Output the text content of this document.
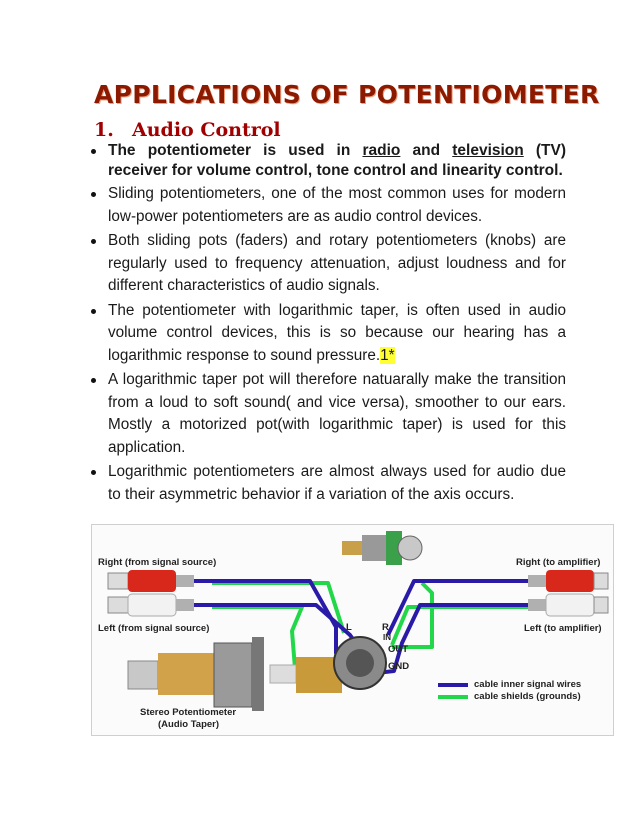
APPLICATIONS OF POTENTIOMETER
1. Audio Control
The potentiometer is used in radio and television (TV) receiver for volume control, tone control and linearity control.
Sliding potentiometers, one of the most common uses for modern low-power potentiometers are as audio control devices.
Both sliding pots (faders) and rotary potentiometers (knobs) are regularly used to frequency attenuation, adjust loudness and for different characteristics of audio signals.
The potentiometer with logarithmic taper, is often used in audio volume control devices, this is so because our hearing has a logarithmic response to sound pressure.1*
A logarithmic taper pot will therefore natuarally make the transition from a loud to soft sound( and vice versa), smoother to our ears. Mostly a motorized pot(with logarithmic taper) is used for this application.
Logarithmic potentiometers are almost always used for audio due to their asymmetric behavior if a variation of the axis occurs.
Right (from signal source)
Left (from signal source)
Right (to amplifier)
Left (to amplifier)
L	R
IN
OUT
GND
cable inner signal wires
cable shields (grounds)
Stereo Potentiometer
(Audio Taper)
